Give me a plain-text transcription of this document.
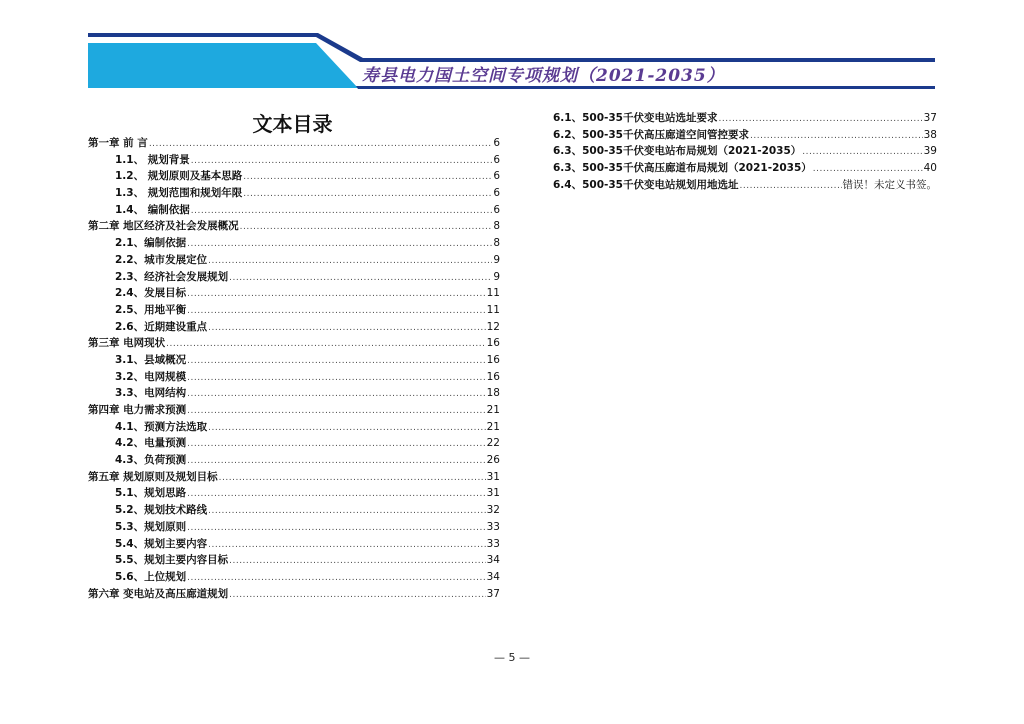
寿县电力国土空间专项规划（2021-2035）
文本目录
第一章 前 言 .....	6
1.1、 规划背景 .....	6
1.2、 规划原则及基本思路 .....	6
1.3、 规划范围和规划年限 .....	6
1.4、 编制依据 .....	6
第二章 地区经济及社会发展概况 .....	8
2.1、编制依据 .....	8
2.2、城市发展定位 .....	9
2.3、经济社会发展规划 .....	9
2.4、发展目标 .....	11
2.5、用地平衡 .....	11
2.6、近期建设重点 .....	12
第三章 电网现状 .....	16
3.1、县域概况 .....	16
3.2、电网规模 .....	16
3.3、电网结构 .....	18
第四章 电力需求预测 .....	21
4.1、预测方法选取 .....	21
4.2、电量预测 .....	22
4.3、负荷预测 .....	26
第五章 规划原则及规划目标 .....	31
5.1、规划思路 .....	31
5.2、规划技术路线 .....	32
5.3、规划原则 .....	33
5.4、规划主要内容 .....	33
5.5、规划主要内容目标 .....	34
5.6、上位规划 .....	34
第六章 变电站及高压廊道规划 .....	37
6.1、500-35千伏变电站选址要求 .....	37
6.2、500-35千伏高压廊道空间管控要求 .....	38
6.3、500-35千伏变电站布局规划（2021-2035） .....	39
6.3、500-35千伏高压廊道布局规划（2021-2035） .....	40
6.4、500-35千伏变电站规划用地选址 .....	错误！未定义书签。
— 5 —
